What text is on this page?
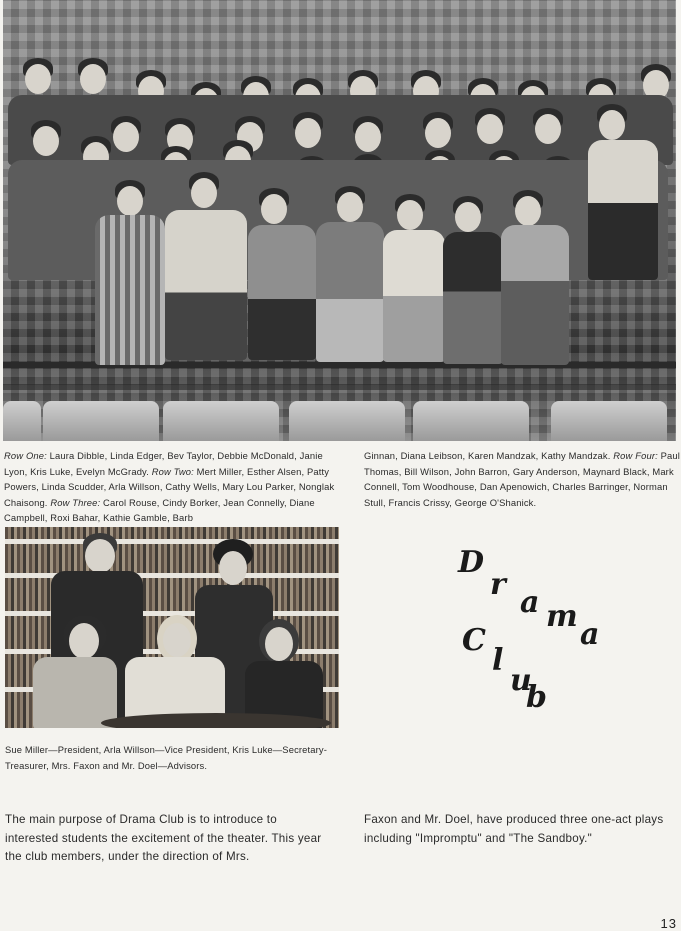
Row One: Laura Dibble, Linda Edger, Bev Taylor, Debbie McDonald, Janie Lyon, Kris Luke, Evelyn McGrady. Row Two: Mert Miller, Esther Alsen, Patty Powers, Linda Scudder, Arla Willson, Cathy Wells, Mary Lou Parker, Nonglak Chaisong. Row Three: Carol Rouse, Cindy Borker, Jean Connelly, Diane Campbell, Roxi Bahar, Kathie Gamble, Barb
Ginnan, Diana Leibson, Karen Mandzak, Kathy Mandzak. Row Four: Paul Thomas, Bill Wilson, John Barron, Gary Anderson, Maynard Black, Mark Connell, Tom Woodhouse, Dan Apenowich, Charles Barringer, Norman Stull, Francis Crissy, George O'Shanick.
Sue Miller—President, Arla Willson—Vice President, Kris Luke—Secretary-Treasurer, Mrs. Faxon and Mr. Doel—Advisors.
D
r
a m
a
C
l
u
b
The main purpose of Drama Club is to introduce to interested students the excitement of the theater. This year the club members, under the direction of Mrs.
Faxon and Mr. Doel, have produced three one-act plays including "Impromptu" and "The Sandboy."
13
